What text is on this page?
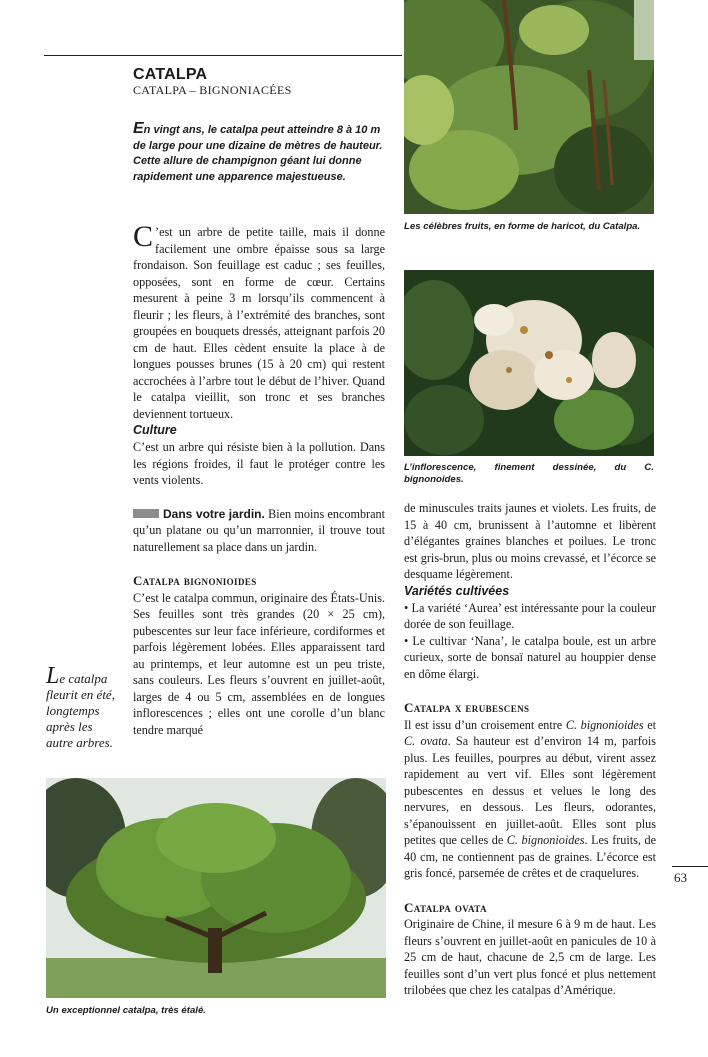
CATALPA
CATALPA – BIGNONIACÉES
En vingt ans, le catalpa peut atteindre 8 à 10 m de large pour une dizaine de mètres de hauteur. Cette allure de champignon géant lui donne rapidement une apparence majestueuse.

C ’est un arbre de petite taille, mais il donne facilement une ombre épaisse sous sa large frondaison. Son feuillage est caduc ; ses feuilles, opposées, sont en forme de cœur. Certains mesurent à peine 3 m lorsqu’ils commencent à fleurir ; les fleurs, à l’extrémité des branches, sont groupées en bouquets dressés, atteignant parfois 20 cm de haut. Elles cèdent ensuite la place à de longues pousses brunes (15 à 20 cm) qui restent accrochées à l’arbre tout le début de l’hiver. Quand le catalpa vieillit, son tronc et ses branches deviennent tortueux.

Culture

C’est un arbre qui résiste bien à la pollution. Dans les régions froides, il faut le protéger contre les vents violents.

Dans votre jardin. Bien moins encombrant qu’un platane ou qu’un marronnier, il trouve tout naturellement sa place dans un jardin.

Catalpa bignonioides

C’est le catalpa commun, originaire des États-Unis. Ses feuilles sont très grandes (20 × 25 cm), pubescentes sur leur face inférieure, cordiformes et parfois légèrement lobées. Elles apparaissent tard au printemps, et leur automne est un peu triste, sans couleurs. Les fleurs s’ouvrent en juillet-août, larges de 4 ou 5 cm, assemblées en de longues inflorescences ; elles ont une corolle d’un blanc tendre marqué

Le catalpa fleurit en été, longtemps après les autre arbres.
Les célèbres fruits, en forme de haricot, du Catalpa.
L’inflorescence, finement dessinée, du C. bignonoides.

de minuscules traits jaunes et violets. Les fruits, de 15 à 40 cm, brunissent à l’automne et libèrent d’élégantes graines blanches et poilues. Le tronc est gris-brun, plus ou moins crevassé, et l’écorce se desquame légèrement.

Variétés cultivées

• La variété ‘Aurea’ est intéressante pour la couleur dorée de son feuillage.

• Le cultivar ‘Nana’, le catalpa boule, est un arbre curieux, sorte de bonsaï naturel au houppier dense en dôme élargi.

Catalpa x erubescens

Il est issu d’un croisement entre C. bignonioides et C. ovata. Sa hauteur est d’environ 14 m, parfois plus. Les feuilles, pourpres au début, virent assez rapidement au vert vif. Elles sont légèrement pubescentes en dessus et velues le long des nervures, en dessous. Les fleurs, odorantes, s’épanouissent en juillet-août. Elles sont plus petites que celles de C. bignonioides. Les fruits, de 40 cm, ne contiennent pas de graines. L’écorce est gris foncé, parsemée de crêtes et de craquelures.

Catalpa ovata

Originaire de Chine, il mesure 6 à 9 m de haut. Les fleurs s’ouvrent en juillet-août en panicules de 10 à 25 cm de haut, chacune de 2,5 cm de large. Les feuilles sont d’un vert plus foncé et plus nettement trilobées que chez les catalpas d’Amérique.

Un exceptionnel catalpa, très étalé.
63
